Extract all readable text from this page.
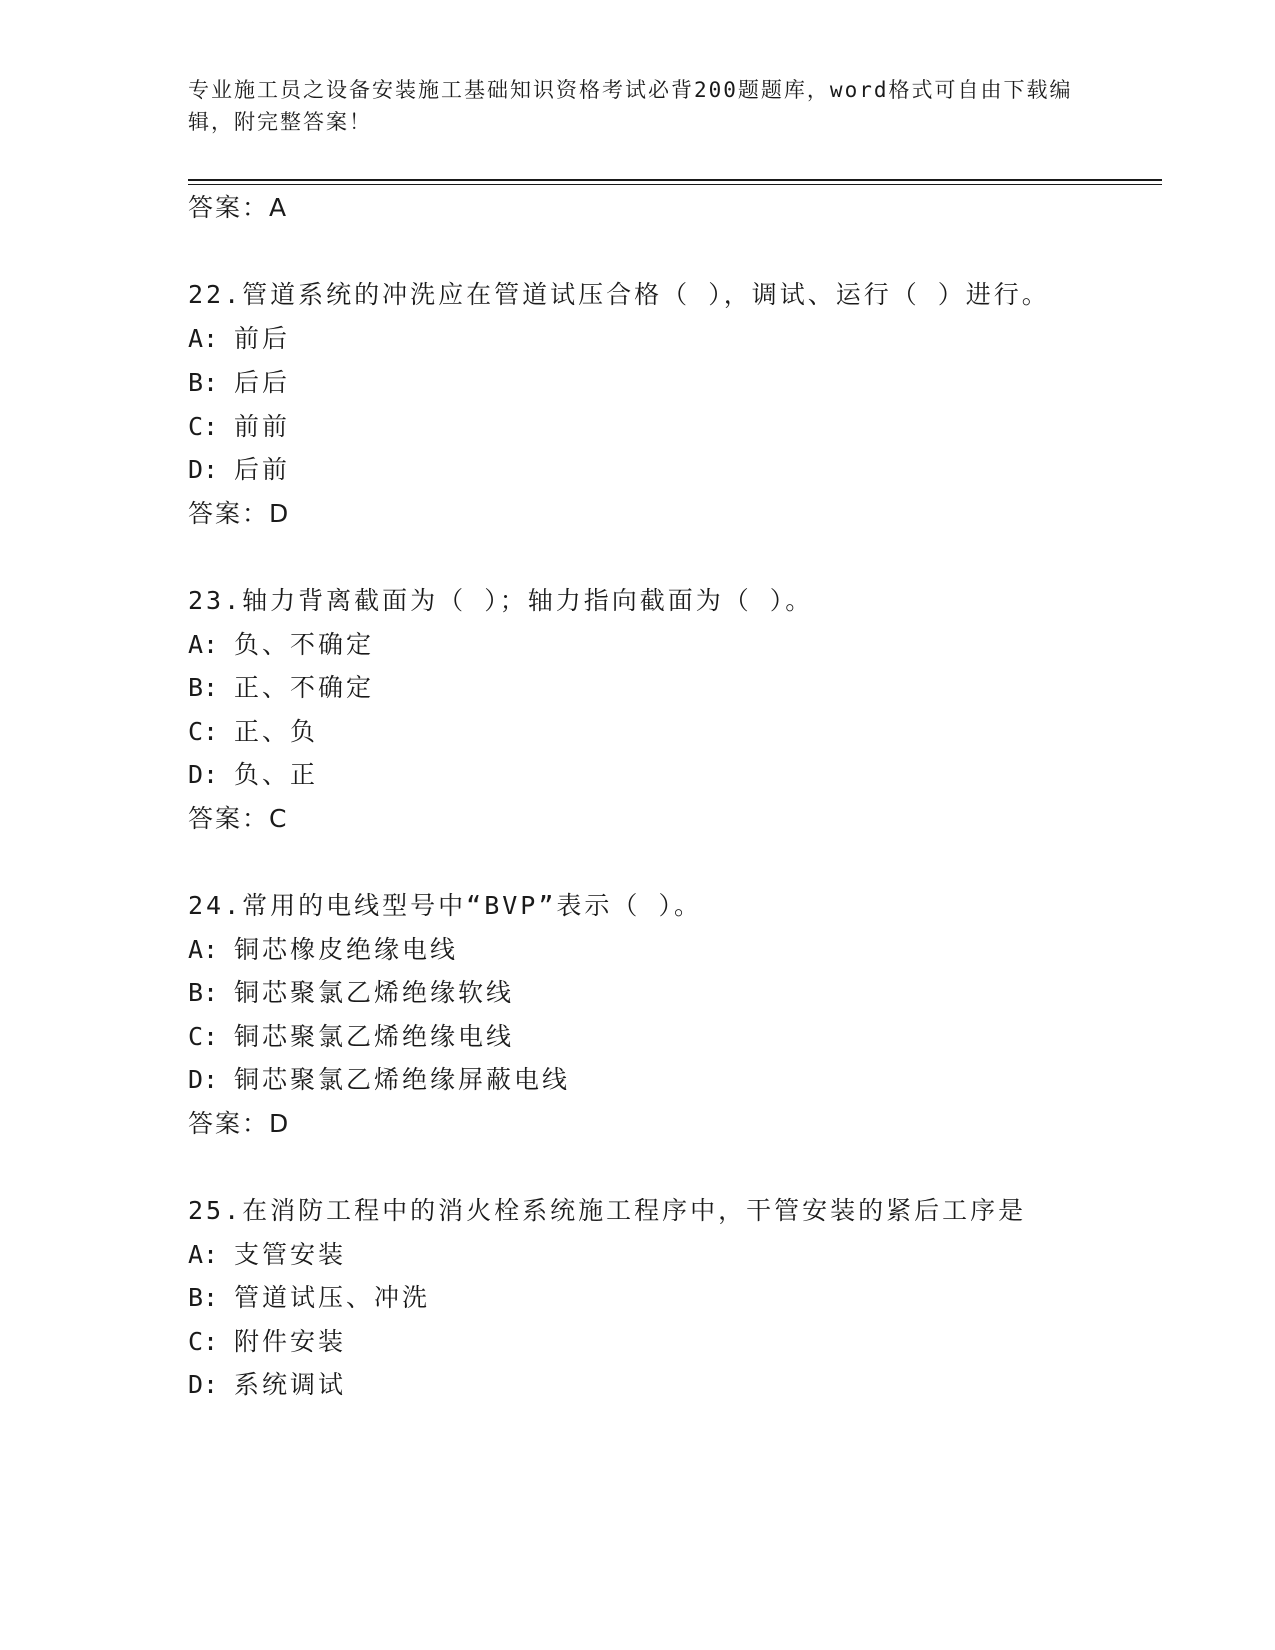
专业施工员之设备安装施工基础知识资格考试必背200题题库，word格式可自由下载编辑，附完整答案！
答案：A
22.管道系统的冲洗应在管道试压合格（ ），调试、运行（ ）进行。
A: 前后
B: 后后
C: 前前
D: 后前
答案：D
23.轴力背离截面为（ ）；轴力指向截面为（ ）。
A: 负、不确定
B: 正、不确定
C: 正、负
D: 负、正
答案：C
24.常用的电线型号中“BVP”表示（ ）。
A: 铜芯橡皮绝缘电线
B: 铜芯聚氯乙烯绝缘软线
C: 铜芯聚氯乙烯绝缘电线
D: 铜芯聚氯乙烯绝缘屏蔽电线
答案：D
25.在消防工程中的消火栓系统施工程序中，干管安装的紧后工序是
A: 支管安装
B: 管道试压、冲洗
C: 附件安装
D: 系统调试
